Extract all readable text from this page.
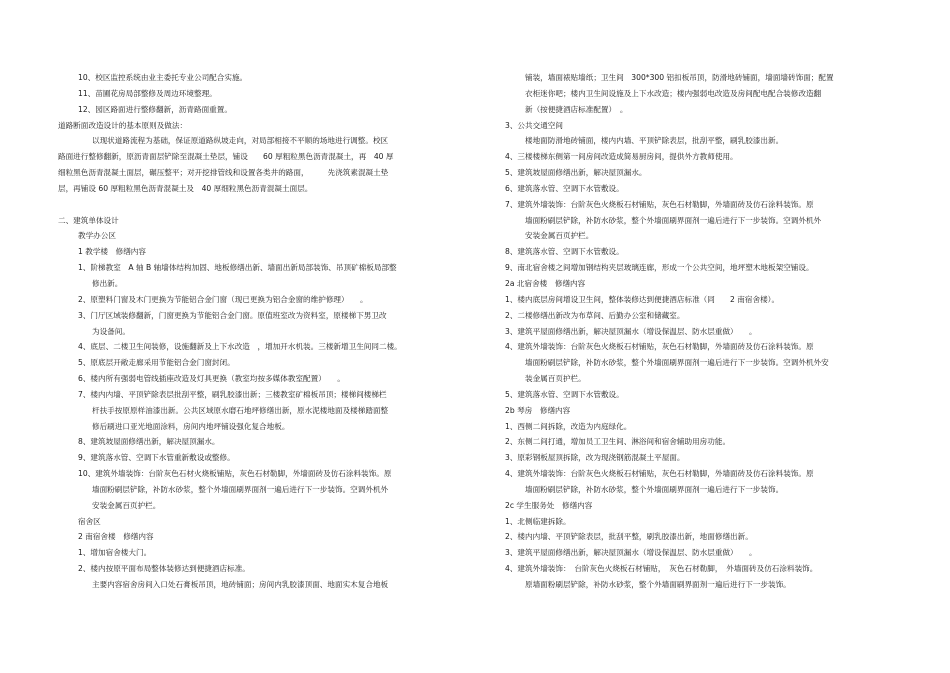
10、校区监控系统由业主委托专业公司配合实施。
11、苗圃花房局部整修及周边环境整理。
12、园区路面进行整修翻新，沥青路面重置。
道路断面改造设计的基本原则及做法：
以现状道路流程为基础，保证原道路纵坡走向，对局部相接不平顺的场地进行调整。校区
路面进行整修翻新，原沥青面层铲除至混凝土垫层，铺设　　60 厚粗粒黑色沥青混凝土，再　40 厚
细粒黑色沥青混凝土面层，碾压整平；对开挖排管线和设置各类井的路面，　　　先浇筑素混凝土垫
层，再铺设 60 厚粗粒黑色沥青混凝土及　40 厚细粒黑色沥青混凝土面层。
二、建筑单体设计
教学办公区
1 教学楼　修缮内容
1、阶梯教室　A 轴 B 轴墙体结构加固、地板修缮出新、墙面出新局部装饰、吊顶矿棉板局部整
修出新。
2、原塑料门窗及木门更换为节能铝合金门窗（现已更换为铝合金窗的维护修理）　　。
3、门厅区域装修翻新，门窗更换为节能铝合金门窗。原值班室改为资料室，原楼梯下男卫改
为设备间。
4、底层、二楼卫生间装修，设施翻新及上下水改造　，增加开水机装。三楼新增卫生间同二楼。
5、原底层开敞走廊采用节能铝合金门窗封闭。
6、楼内所有强弱电管线插座改造及灯具更换（教室均按多媒体教室配置）　　。
7、楼内内墙、平顶铲除表层批刮平整，刷乳胶漆出新；三楼教室矿棉板吊顶；楼梯间楼梯栏
杆扶手按原原样油漆出新。公共区域原水磨石地坪修缮出新，原水泥楼地面及楼梯踏面整
修后刷进口亚光地面涂料，房间内地坪铺设强化复合地板。
8、建筑坡屋面修缮出新，解决屋顶漏水。
9、建筑落水管、空调下水管重新敷设或整修。
10、建筑外墙装饰：台阶灰色石材火烧板铺贴，灰色石材勒脚，外墙面砖及仿石涂料装饰。原
墙面粉刷层铲除，补防水砂浆，整个外墙面刷界面剂一遍后进行下一步装饰。空调外机外
安装金属百页护栏。
宿舍区
2 南宿舍楼　修缮内容
1、增加宿舍楼大门。
2、楼内按原平面布局整体装修达到便捷酒店标准。
主要内容宿舍房间入口处石膏板吊顶，地砖铺面；房间内乳胶漆顶面、地面实木复合地板
铺装，墙面裱贴墙纸；卫生间　300*300 铝扣板吊顶，防滑地砖铺面，墙面墙砖饰面；配置
衣柜迷你吧；楼内卫生间设施及上下水改造；楼内强弱电改造及房间配电配合装修改造翻
新（按便捷酒店标准配置）　。
3、公共交通空间
楼地面防滑地砖铺面，楼内内墙、平顶铲除表层，批刮平整，刷乳胶漆出新。
4、三楼楼梯东侧第一间房间改造成简易厨房间，提供外方教师使用。
5、建筑坡屋面修缮出新，解决屋顶漏水。
6、建筑落水管、空调下水管敷设。
7、建筑外墙装饰：台阶灰色火烧板石材铺贴，灰色石材勒脚，外墙面砖及仿石涂料装饰。原
墙面粉刷层铲除，补防水砂浆，整个外墙面刷界面剂一遍后进行下一步装饰。空调外机外
安装金属百页护栏。
8、建筑落水管、空调下水管敷设。
9、南北宿舍楼之间增加钢结构夹层玻璃连廊，形成一个公共空间，地坪塑木地板架空铺设。
2a 北宿舍楼　修缮内容
1、楼内底层房间增设卫生间，整体装修达到便捷酒店标准（同　　2 南宿舍楼）。
2、二楼修缮出新改为布草间、后勤办公室和储藏室。
3、建筑平屋面修缮出新，解决屋顶漏水（增设保温层、防水层重做）　　。
4、建筑外墙装饰：台阶灰色火烧板石材铺贴，灰色石材勒脚，外墙面砖及仿石涂料装饰。原
墙面粉刷层铲除，补防水砂浆，整个外墙面刷界面剂一遍后进行下一步装饰。空调外机外安
装金属百页护栏。
5、建筑落水管、空调下水管敷设。
2b 琴房　修缮内容
1、西侧二间拆除，改造为内庭绿化。
2、东侧二间打通，增加员工卫生间、淋浴间和宿舍辅助用房功能。
3、原彩钢板屋顶拆除，改为现浇钢筋混凝土平屋面。
4、建筑外墙装饰：台阶灰色火烧板石材铺贴，灰色石材勒脚，外墙面砖及仿石涂料装饰。原
墙面粉刷层铲除，补防水砂浆，整个外墙面刷界面剂一遍后进行下一步装饰。
2c 学生服务处　修缮内容
1、北侧临建拆除。
2、楼内内墙、平顶铲除表层，批刮平整，刷乳胶漆出新，地面修缮出新。
3、建筑平屋面修缮出新，解决屋顶漏水（增设保温层、防水层重做）　　。
4、建筑外墙装饰：　台阶灰色火烧板石材铺贴，　灰色石材勒脚，　外墙面砖及仿石涂料装饰。
原墙面粉刷层铲除，补防水砂浆，整个外墙面刷界面剂一遍后进行下一步装饰。
